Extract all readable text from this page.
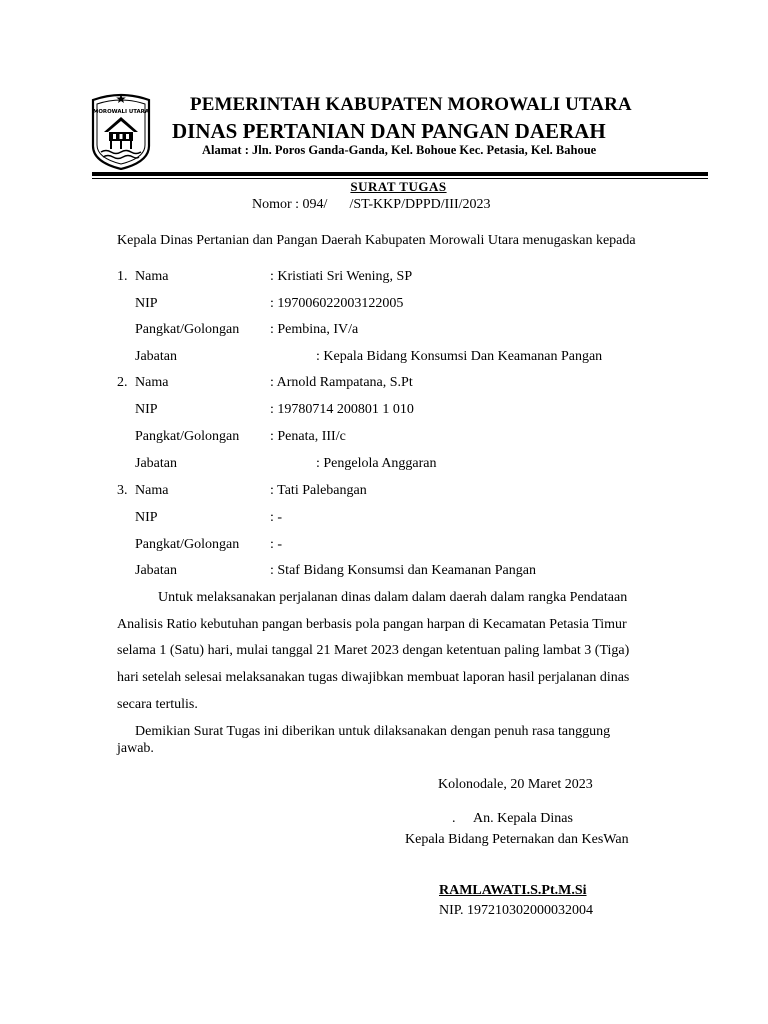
MOROWALI UTARA PEMERINTAH KABUPATEN MOROWALI UTARA
DINAS PERTANIAN DAN PANGAN DAERAH
Alamat : Jln. Poros Ganda-Ganda, Kel. Bohoue Kec. Petasia, Kel. Bahoue
SURAT TUGAS
Nomor : 094/ /ST-KKP/DPPD/III/2023
Kepala Dinas Pertanian dan Pangan Daerah Kabupaten Morowali Utara menugaskan kepada
1. Nama	: Kristiati Sri Wening, SP
NIP	: 197006022003122005
Pangkat/Golongan : Pembina, IV/a
Jabatan	: Kepala Bidang Konsumsi Dan Keamanan Pangan
2. Nama	: Arnold Rampatana, S.Pt
NIP	: 19780714 200801 1 010
Pangkat/Golongan : Penata, III/c
Jabatan	: Pengelola Anggaran
3. Nama	: Tati Palebangan
NIP	: -
Pangkat/Golongan : -
Jabatan	: Staf Bidang Konsumsi dan Keamanan Pangan
Untuk melaksanakan perjalanan dinas dalam dalam daerah dalam rangka Pendataan
Analisis Ratio kebutuhan pangan berbasis pola pangan harpan di Kecamatan Petasia Timur
selama 1 (Satu) hari, mulai tanggal 21 Maret 2023 dengan ketentuan paling lambat 3 (Tiga)
hari setelah selesai melaksanakan tugas diwajibkan membuat laporan hasil perjalanan dinas
secara tertulis.
Demikian Surat Tugas ini diberikan untuk dilaksanakan dengan penuh rasa tanggung
jawab.
Kolonodale, 20 Maret 2023
. An. Kepala Dinas
Kepala Bidang Peternakan dan KesWan
RAMLAWATI.S.Pt.M.Si
NIP. 197210302000032004
